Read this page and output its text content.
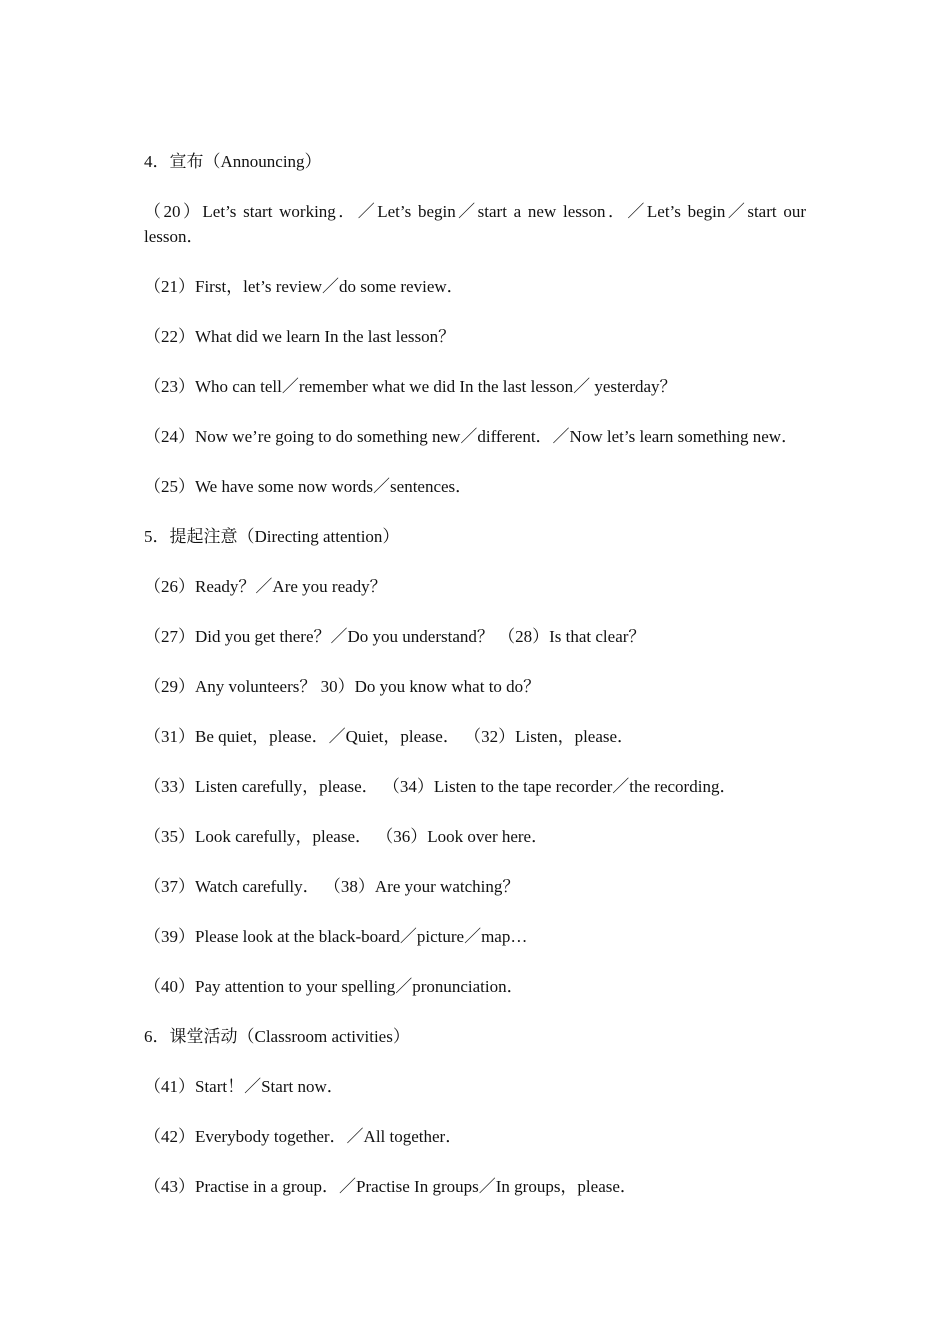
4．宣布（Announcing）

（20）Let’s start working．／Let’s begin／start a new lesson．／Let’s begin／start our lesson．

（21）First，let’s review／do some review．

（22）What did we learn In the last lesson？

（23）Who can tell／remember what we did In the last lesson／ yesterday？

（24）Now we’re going to do something new／different．／Now let’s learn something new．

（25）We have some now words／sentences．

5．提起注意（Directing attention）

（26）Ready？／Are you ready？

（27）Did you get there？／Do you understand？ （28）Is that clear？

（29）Any volunteers？ 30）Do you know what to do？

（31）Be quiet，please．／Quiet，please． （32）Listen，please．

（33）Listen carefully，please． （34）Listen to the tape recorder／the recording．

（35）Look carefully，please． （36）Look over here．

（37）Watch carefully． （38）Are your watching？

（39）Please look at the black-board／picture／map…

（40）Pay attention to your spelling／pronunciation．

6．课堂活动（Classroom activities）

（41）Start！／Start now．

（42）Everybody together．／All together．

（43）Practise in a group．／Practise In groups／In groups，please．
